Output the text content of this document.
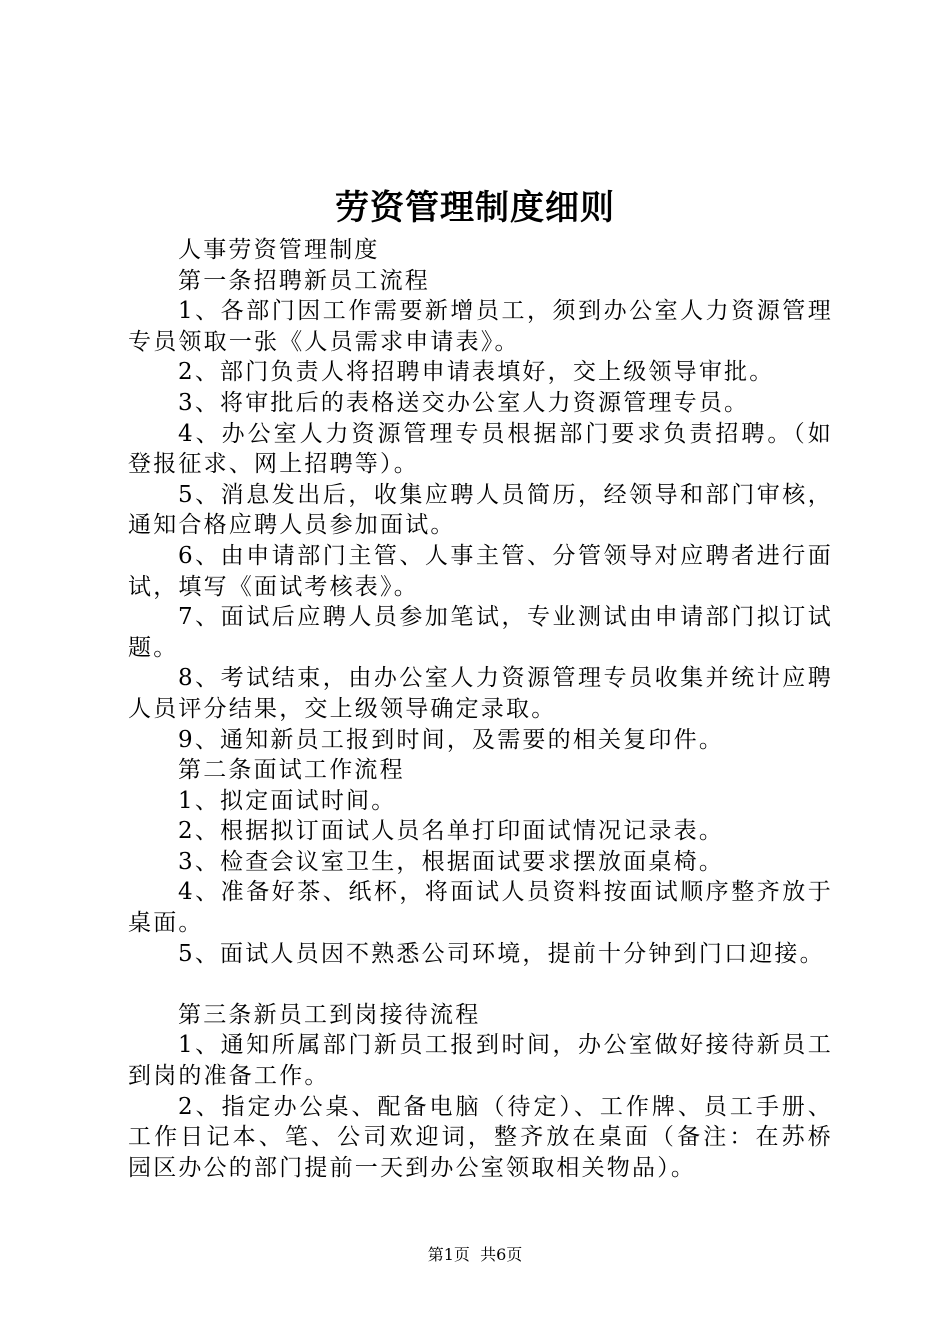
劳资管理制度细则

人事劳资管理制度

第一条招聘新员工流程

1、各部门因工作需要新增员工，须到办公室人力资源管理专员领取一张《人员需求申请表》。

2、部门负责人将招聘申请表填好，交上级领导审批。

3、将审批后的表格送交办公室人力资源管理专员。

4、办公室人力资源管理专员根据部门要求负责招聘。（如登报征求、网上招聘等）。

5、消息发出后，收集应聘人员简历，经领导和部门审核，通知合格应聘人员参加面试。

6、由申请部门主管、人事主管、分管领导对应聘者进行面试，填写《面试考核表》。

7、面试后应聘人员参加笔试，专业测试由申请部门拟订试题。

8、考试结束，由办公室人力资源管理专员收集并统计应聘人员评分结果，交上级领导确定录取。

9、通知新员工报到时间，及需要的相关复印件。

第二条面试工作流程

1、拟定面试时间。

2、根据拟订面试人员名单打印面试情况记录表。

3、检查会议室卫生，根据面试要求摆放面桌椅。

4、准备好茶、纸杯，将面试人员资料按面试顺序整齐放于桌面。

5、面试人员因不熟悉公司环境，提前十分钟到门口迎接。

第三条新员工到岗接待流程

1、通知所属部门新员工报到时间，办公室做好接待新员工到岗的准备工作。

2、指定办公桌、配备电脑（待定）、工作牌、员工手册、工作日记本、笔、公司欢迎词，整齐放在桌面（备注：在苏桥园区办公的部门提前一天到办公室领取相关物品）。

第1页  共6页
